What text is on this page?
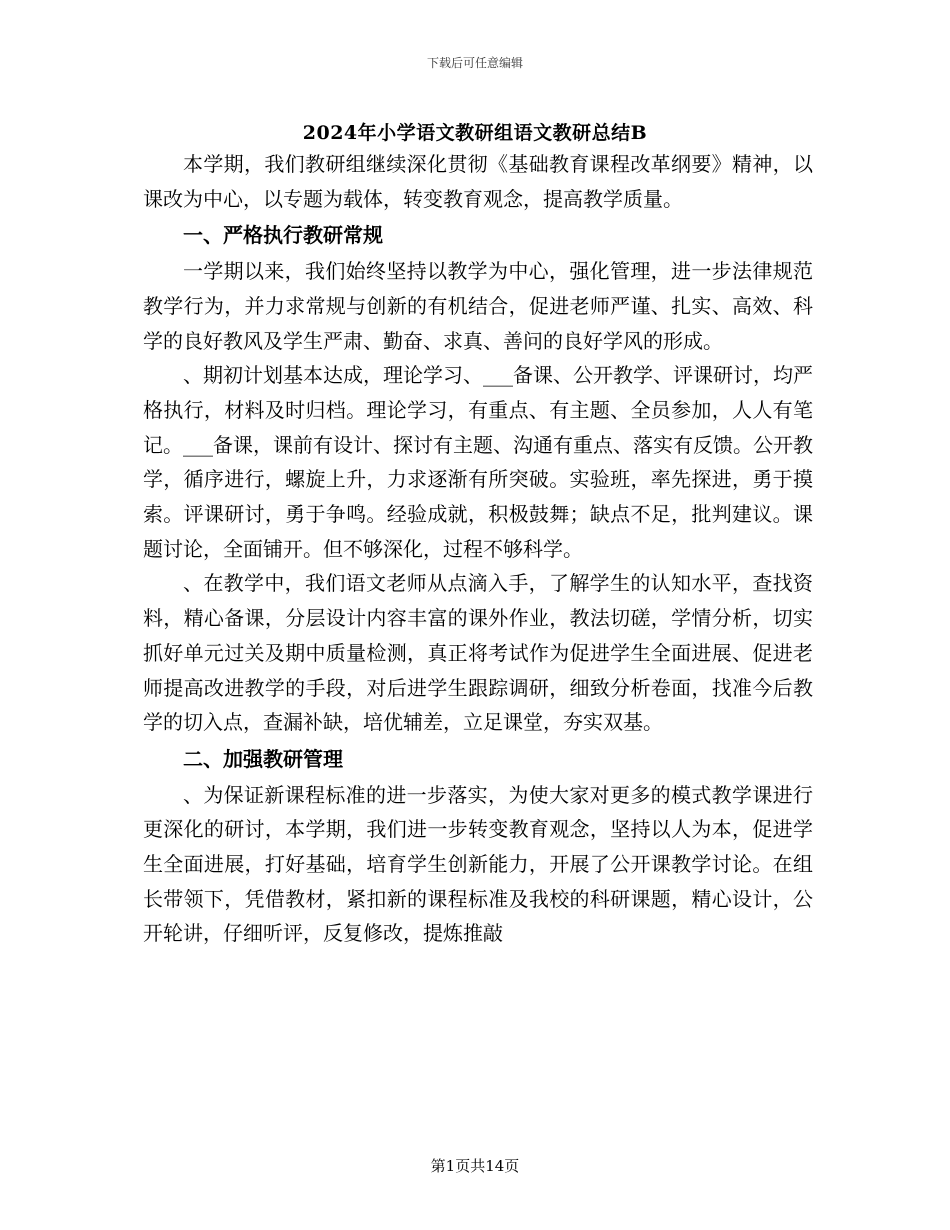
下载后可任意编辑
2024年小学语文教研组语文教研总结B

本学期，我们教研组继续深化贯彻《基础教育课程改革纲要》精神，以课改为中心，以专题为载体，转变教育观念，提高教学质量。

一、严格执行教研常规

一学期以来，我们始终坚持以教学为中心，强化管理，进一步法律规范教学行为，并力求常规与创新的有机结合，促进老师严谨、扎实、高效、科学的良好教风及学生严肃、勤奋、求真、善问的良好学风的形成。

、期初计划基本达成，理论学习、___备课、公开教学、评课研讨，均严格执行，材料及时归档。理论学习，有重点、有主题、全员参加，人人有笔记。___备课，课前有设计、探讨有主题、沟通有重点、落实有反馈。公开教学，循序进行，螺旋上升，力求逐渐有所突破。实验班，率先探进，勇于摸索。评课研讨，勇于争鸣。经验成就，积极鼓舞；缺点不足，批判建议。课题讨论，全面铺开。但不够深化，过程不够科学。

、在教学中，我们语文老师从点滴入手，了解学生的认知水平，查找资料，精心备课，分层设计内容丰富的课外作业，教法切磋，学情分析，切实抓好单元过关及期中质量检测，真正将考试作为促进学生全面进展、促进老师提高改进教学的手段，对后进学生跟踪调研，细致分析卷面，找准今后教学的切入点，查漏补缺，培优辅差，立足课堂，夯实双基。

二、加强教研管理

、为保证新课程标准的进一步落实，为使大家对更多的模式教学课进行更深化的研讨，本学期，我们进一步转变教育观念，坚持以人为本，促进学生全面进展，打好基础，培育学生创新能力，开展了公开课教学讨论。在组长带领下，凭借教材，紧扣新的课程标准及我校的科研课题，精心设计，公开轮讲，仔细听评，反复修改，提炼推敲

第1页共14页
